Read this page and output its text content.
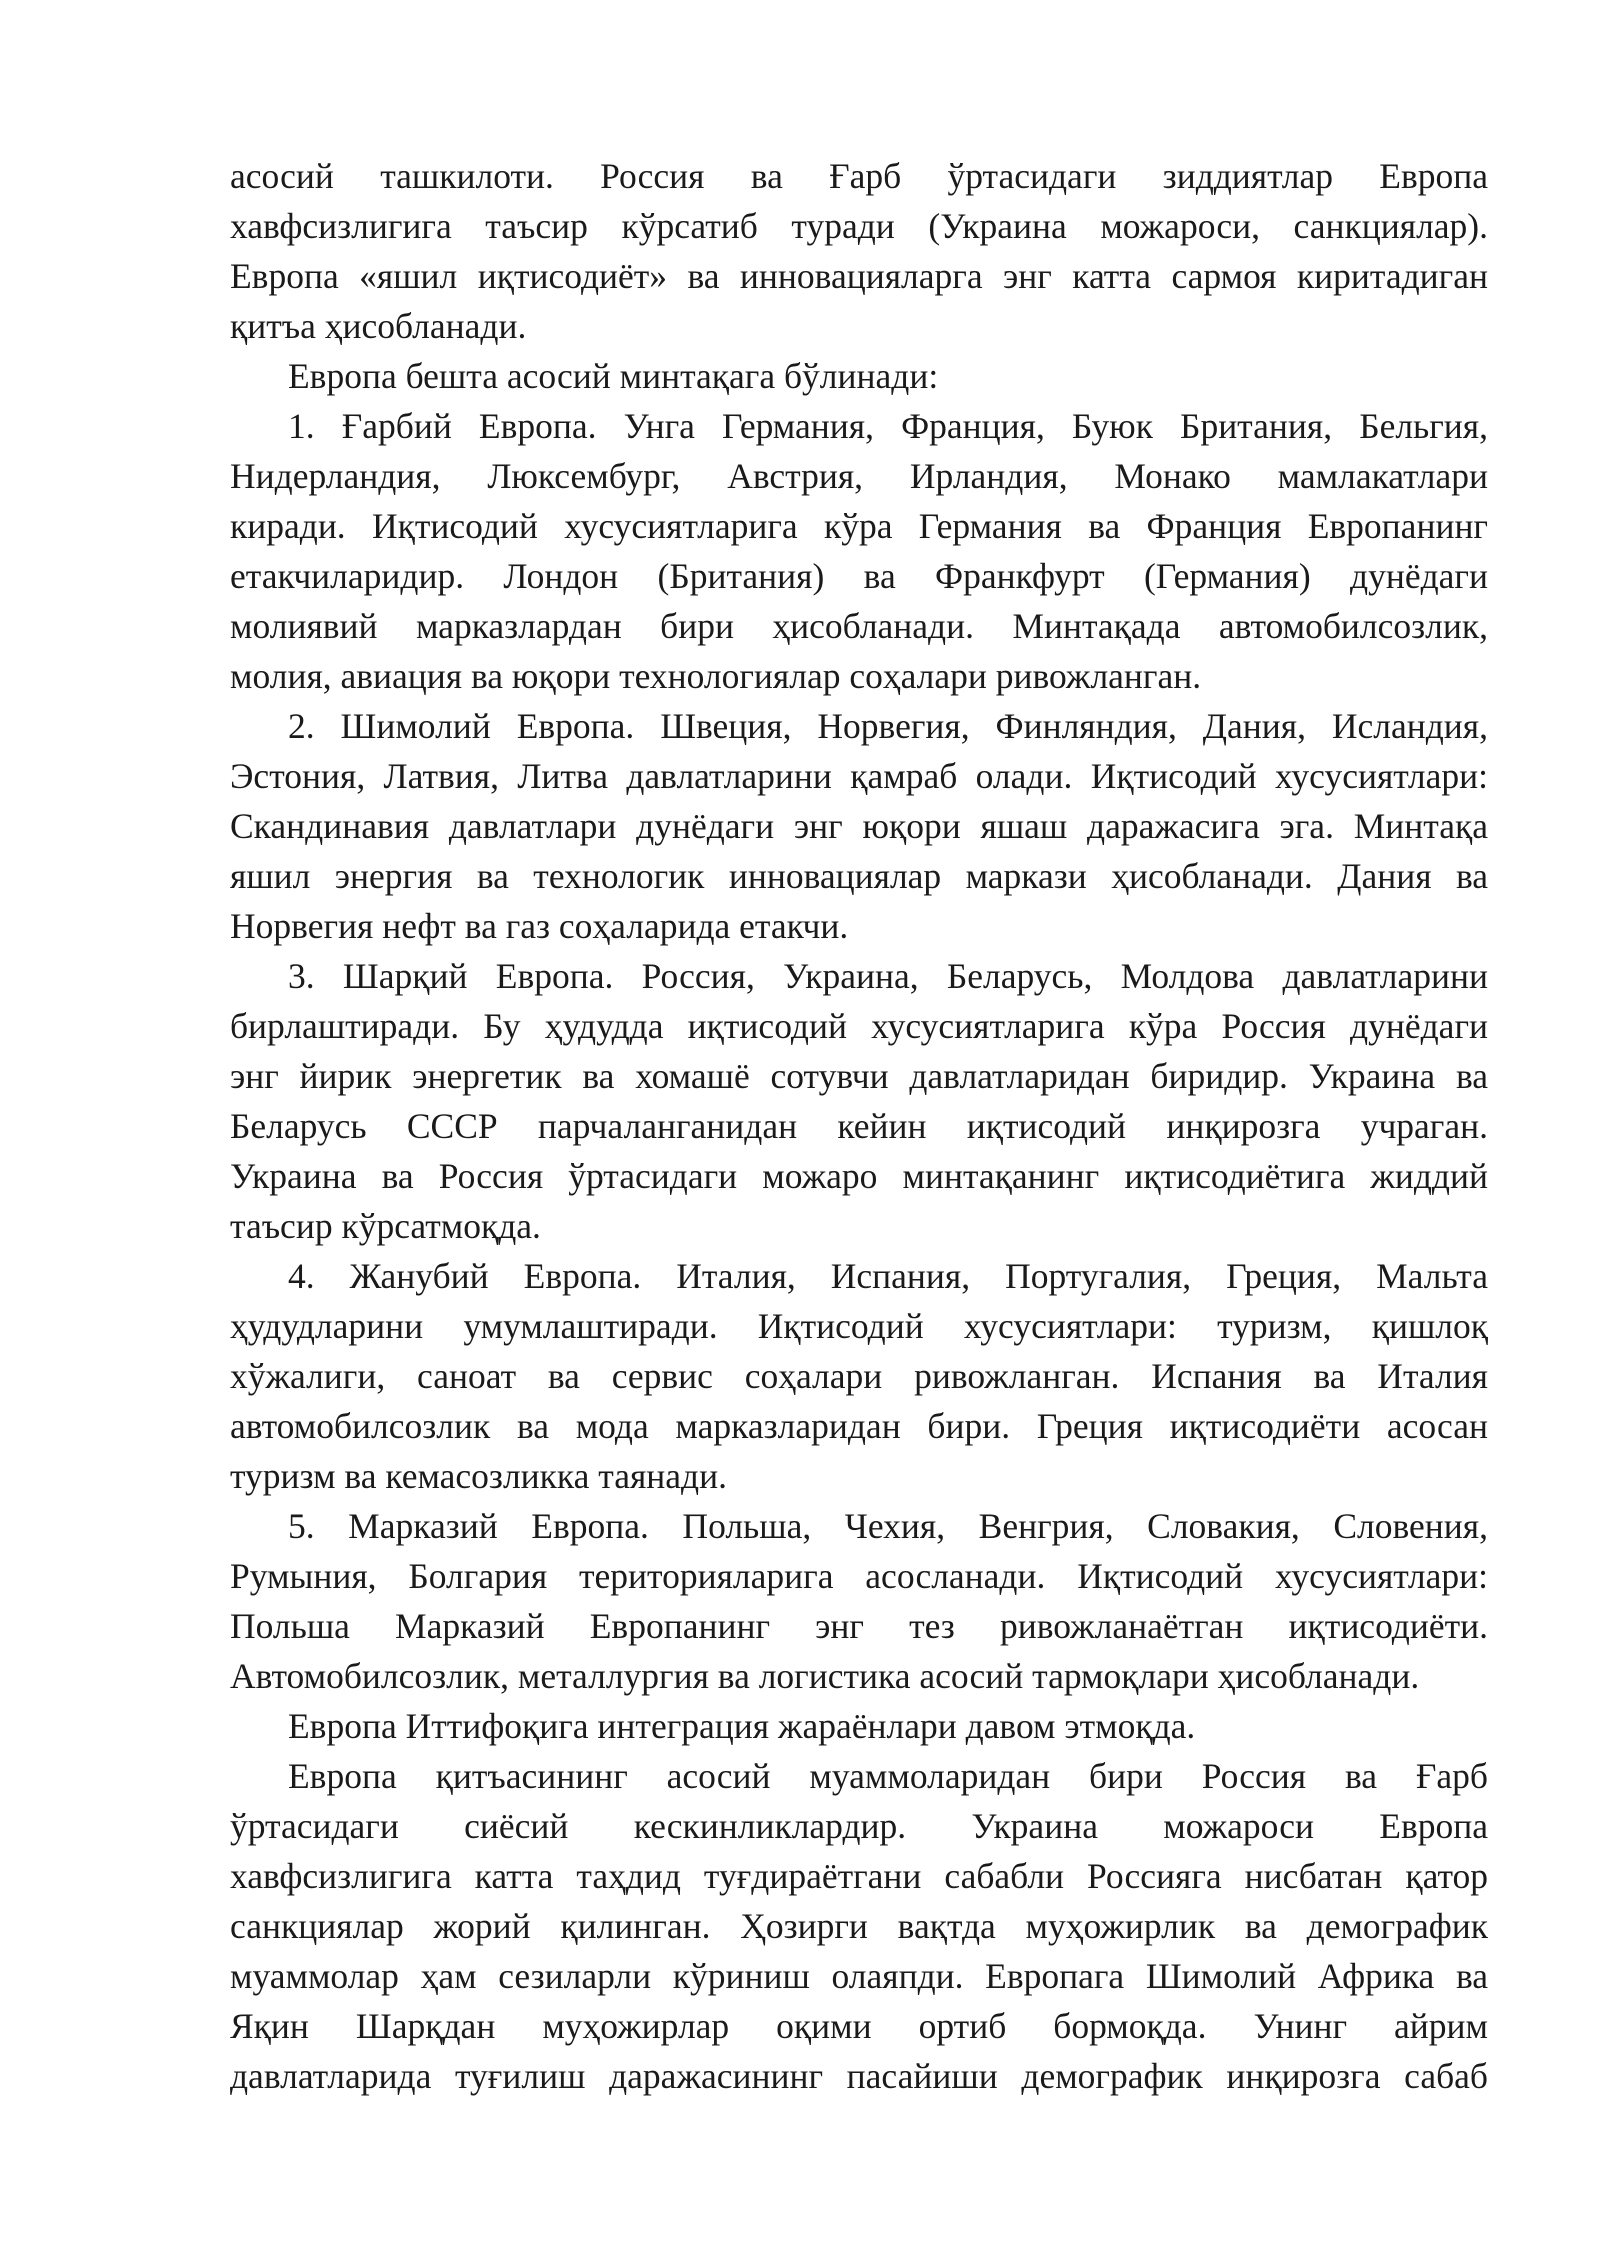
асосий ташкилоти. Россия ва Ғарб ўртасидаги зиддиятлар Европа
хавфсизлигига таъсир кўрсатиб туради (Украина можароси, санкциялар).
Европа «яшил иқтисодиёт» ва инновацияларга энг катта сармоя киритадиган
қитъа ҳисобланади.
Европа бешта асосий минтақага бўлинади:
1. Ғарбий Европа. Унга Германия, Франция, Буюк Британия, Бельгия,
Нидерландия, Люксембург, Австрия, Ирландия, Монако мамлакатлари
киради. Иқтисодий хусусиятларига кўра Германия ва Франция Европанинг
етакчиларидир. Лондон (Британия) ва Франкфурт (Германия) дунёдаги
молиявий марказлардан бири ҳисобланади. Минтақада автомобилсозлик,
молия, авиация ва юқори технологиялар соҳалари ривожланган.
2. Шимолий Европа. Швеция, Норвегия, Финляндия, Дания, Исландия,
Эстония, Латвия, Литва давлатларини қамраб олади. Иқтисодий хусусиятлари:
Скандинавия давлатлари дунёдаги энг юқори яшаш даражасига эга. Минтақа
яшил энергия ва технологик инновациялар маркази ҳисобланади. Дания ва
Норвегия нефт ва газ соҳаларида етакчи.
3. Шарқий Европа. Россия, Украина, Беларусь, Молдова давлатларини
бирлаштиради. Бу ҳудудда иқтисодий хусусиятларига кўра Россия дунёдаги
энг йирик энергетик ва хомашё сотувчи давлатларидан биридир. Украина ва
Беларусь СССР парчаланганидан кейин иқтисодий инқирозга учраган.
Украина ва Россия ўртасидаги можаро минтақанинг иқтисодиётига жиддий
таъсир кўрсатмоқда.
4. Жанубий Европа. Италия, Испания, Португалия, Греция, Мальта
ҳудудларини умумлаштиради. Иқтисодий хусусиятлари: туризм, қишлоқ
хўжалиги, саноат ва сервис соҳалари ривожланган. Испания ва Италия
автомобилсозлик ва мода марказларидан бири. Греция иқтисодиёти асосан
туризм ва кемасозликка таянади.
5. Марказий Европа. Польша, Чехия, Венгрия, Словакия, Словения,
Румыния, Болгария територияларига асосланади. Иқтисодий хусусиятлари:
Польша Марказий Европанинг энг тез ривожланаётган иқтисодиёти.
Автомобилсозлик, металлургия ва логистика асосий тармоқлари ҳисобланади.
Европа Иттифоқига интеграция жараёнлари давом этмоқда.
Европа қитъасининг асосий муаммоларидан бири Россия ва Ғарб
ўртасидаги сиёсий кескинликлардир. Украина можароси Европа
хавфсизлигига катта таҳдид туғдираётгани сабабли Россияга нисбатан қатор
санкциялар жорий қилинган. Ҳозирги вақтда муҳожирлик ва демографик
муаммолар ҳам сезиларли кўриниш олаяпди. Европага Шимолий Африка ва
Яқин Шарқдан муҳожирлар оқими ортиб бормоқда. Унинг айрим
давлатларида туғилиш даражасининг пасайиши демографик инқирозга сабаб
